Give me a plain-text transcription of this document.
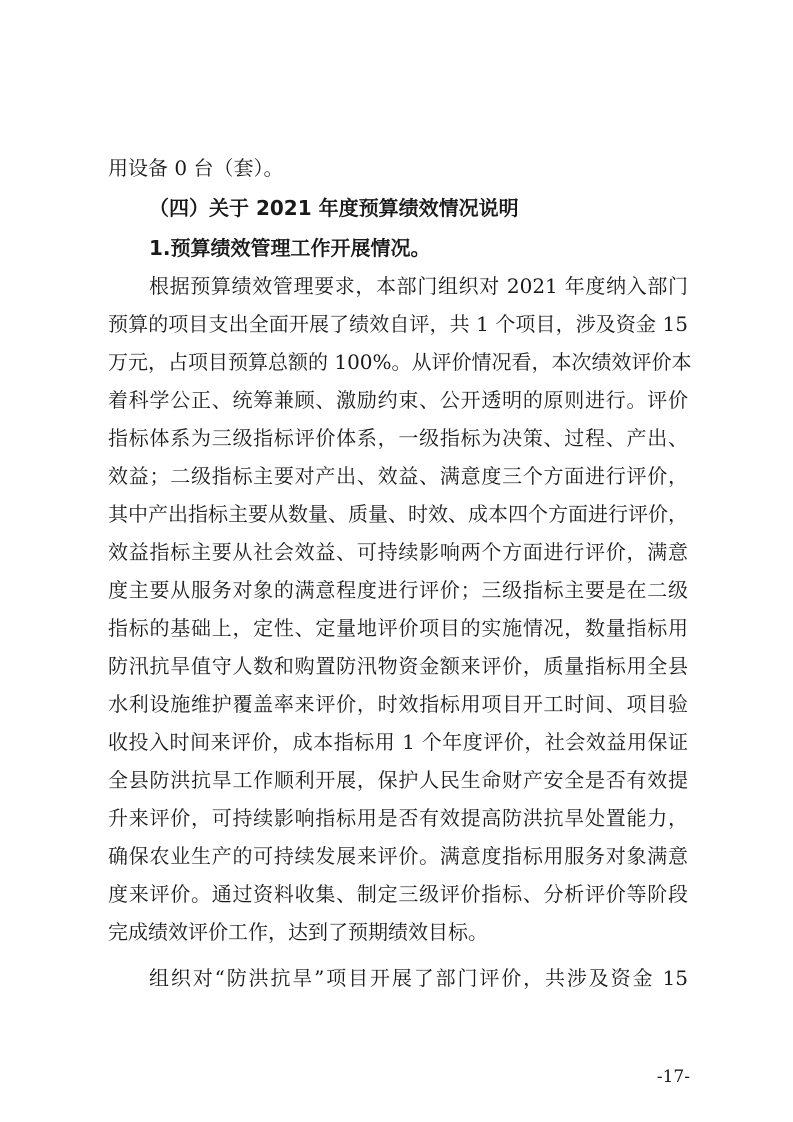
用设备 0 台（套）。
（四）关于 2021 年度预算绩效情况说明
1.预算绩效管理工作开展情况。
根据预算绩效管理要求，本部门组织对 2021 年度纳入部门
预算的项目支出全面开展了绩效自评，共 1 个项目，涉及资金 15
万元，占项目预算总额的 100%。从评价情况看，本次绩效评价本
着科学公正、统筹兼顾、激励约束、公开透明的原则进行。评价
指标体系为三级指标评价体系，一级指标为决策、过程、产出、
效益；二级指标主要对产出、效益、满意度三个方面进行评价，
其中产出指标主要从数量、质量、时效、成本四个方面进行评价，
效益指标主要从社会效益、可持续影响两个方面进行评价，满意
度主要从服务对象的满意程度进行评价；三级指标主要是在二级
指标的基础上，定性、定量地评价项目的实施情况，数量指标用
防汛抗旱值守人数和购置防汛物资金额来评价，质量指标用全县
水利设施维护覆盖率来评价，时效指标用项目开工时间、项目验
收投入时间来评价，成本指标用 1 个年度评价，社会效益用保证
全县防洪抗旱工作顺利开展，保护人民生命财产安全是否有效提
升来评价，可持续影响指标用是否有效提高防洪抗旱处置能力，
确保农业生产的可持续发展来评价。满意度指标用服务对象满意
度来评价。通过资料收集、制定三级评价指标、分析评价等阶段
完成绩效评价工作，达到了预期绩效目标。
组织对“防洪抗旱”项目开展了部门评价，共涉及资金 15
-17-
